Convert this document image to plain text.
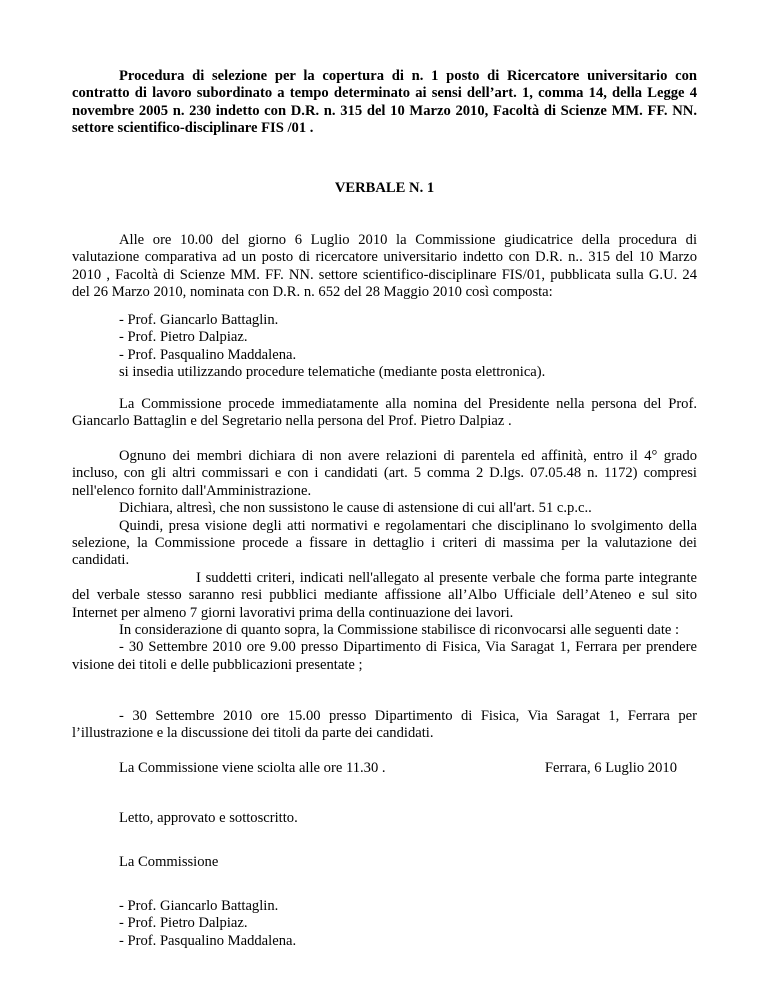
Procedura di selezione per la copertura di n. 1 posto di Ricercatore universitario con contratto di lavoro subordinato a tempo determinato ai sensi dell’art. 1, comma 14, della Legge 4 novembre 2005 n. 230 indetto con D.R. n. 315 del 10 Marzo 2010, Facoltà di Scienze MM. FF. NN. settore scientifico-disciplinare FIS /01 .

VERBALE N. 1

Alle ore 10.00 del giorno 6 Luglio 2010 la Commissione giudicatrice della procedura di valutazione comparativa ad un posto di ricercatore universitario indetto con D.R. n.. 315 del 10 Marzo 2010 , Facoltà di Scienze MM. FF. NN. settore scientifico-disciplinare FIS/01, pubblicata sulla G.U. 24 del 26 Marzo 2010, nominata con D.R. n. 652 del 28 Maggio 2010 così composta:

- Prof. Giancarlo Battaglin.

- Prof. Pietro Dalpiaz.

- Prof. Pasqualino Maddalena.

si insedia utilizzando procedure telematiche (mediante posta elettronica).

La Commissione procede immediatamente alla nomina del Presidente nella persona del Prof. Giancarlo Battaglin e del Segretario nella persona del Prof. Pietro Dalpiaz .

Ognuno dei membri dichiara di non avere relazioni di parentela ed affinità, entro il 4° grado incluso, con gli altri commissari e con i candidati (art. 5 comma 2 D.lgs. 07.05.48 n. 1172) compresi nell'elenco fornito dall'Amministrazione.

Dichiara, altresì, che non sussistono le cause di astensione di cui all'art. 51 c.p.c..

Quindi, presa visione degli atti normativi e regolamentari che disciplinano lo svolgimento della selezione, la Commissione procede a fissare in dettaglio i criteri di massima per la valutazione dei candidati.

I suddetti criteri, indicati nell'allegato al presente verbale che forma parte integrante del verbale stesso saranno resi pubblici mediante affissione all’Albo Ufficiale dell’Ateneo e sul sito Internet per almeno 7 giorni lavorativi prima della continuazione dei lavori.

In considerazione di quanto sopra, la Commissione stabilisce di riconvocarsi alle seguenti date :

- 30 Settembre 2010 ore 9.00 presso Dipartimento di Fisica, Via Saragat 1, Ferrara per prendere visione dei titoli e delle pubblicazioni presentate ;

- 30 Settembre 2010 ore 15.00 presso Dipartimento di Fisica, Via Saragat 1, Ferrara per l’illustrazione e la discussione dei titoli da parte dei candidati.

La Commissione viene sciolta alle ore 11.30 .	Ferrara, 6 Luglio 2010

Letto, approvato e sottoscritto.

La Commissione

- Prof. Giancarlo Battaglin.

- Prof. Pietro Dalpiaz.

- Prof. Pasqualino Maddalena.
